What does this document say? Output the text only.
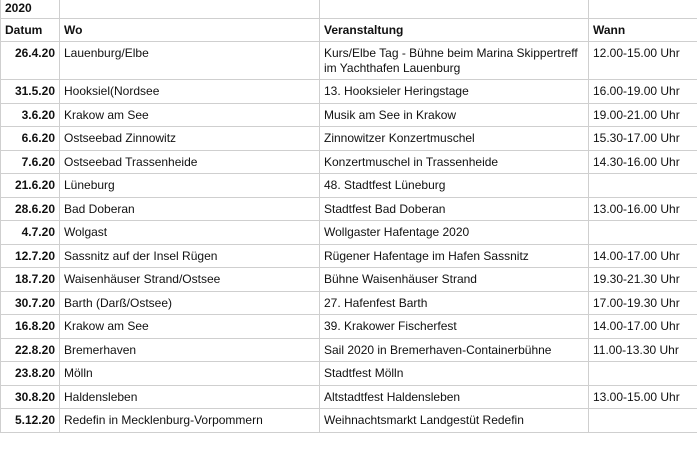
2020			
Datum	Wo	Veranstaltung	Wann
26.4.20	Lauenburg/Elbe	Kurs/Elbe Tag - Bühne beim Marina Skippertreff im Yachthafen Lauenburg	12.00-15.00 Uhr
31.5.20	Hooksiel(Nordsee	13. Hooksieler Heringstage	16.00-19.00 Uhr
3.6.20	Krakow am See	Musik am See in Krakow	19.00-21.00 Uhr
6.6.20	Ostseebad Zinnowitz	Zinnowitzer Konzertmuschel	15.30-17.00 Uhr
7.6.20	Ostseebad Trassenheide	Konzertmuschel in Trassenheide	14.30-16.00 Uhr
21.6.20	Lüneburg	48. Stadtfest Lüneburg	
28.6.20	Bad Doberan	Stadtfest Bad Doberan	13.00-16.00 Uhr
4.7.20	Wolgast	Wollgaster Hafentage 2020	
12.7.20	Sassnitz auf der Insel Rügen	Rügener Hafentage im Hafen Sassnitz	14.00-17.00 Uhr
18.7.20	Waisenhäuser Strand/Ostsee	Bühne Waisenhäuser Strand	19.30-21.30 Uhr
30.7.20	Barth (Darß/Ostsee)	27. Hafenfest Barth	17.00-19.30 Uhr
16.8.20	Krakow am See	39. Krakower Fischerfest	14.00-17.00 Uhr
22.8.20	Bremerhaven	Sail 2020 in Bremerhaven-Containerbühne	11.00-13.30 Uhr
23.8.20	Mölln	Stadtfest Mölln	
30.8.20	Haldensleben	Altstadtfest Haldensleben	13.00-15.00 Uhr
5.12.20	Redefin in Mecklenburg-Vorpommern	Weihnachtsmarkt Landgestüt Redefin	
